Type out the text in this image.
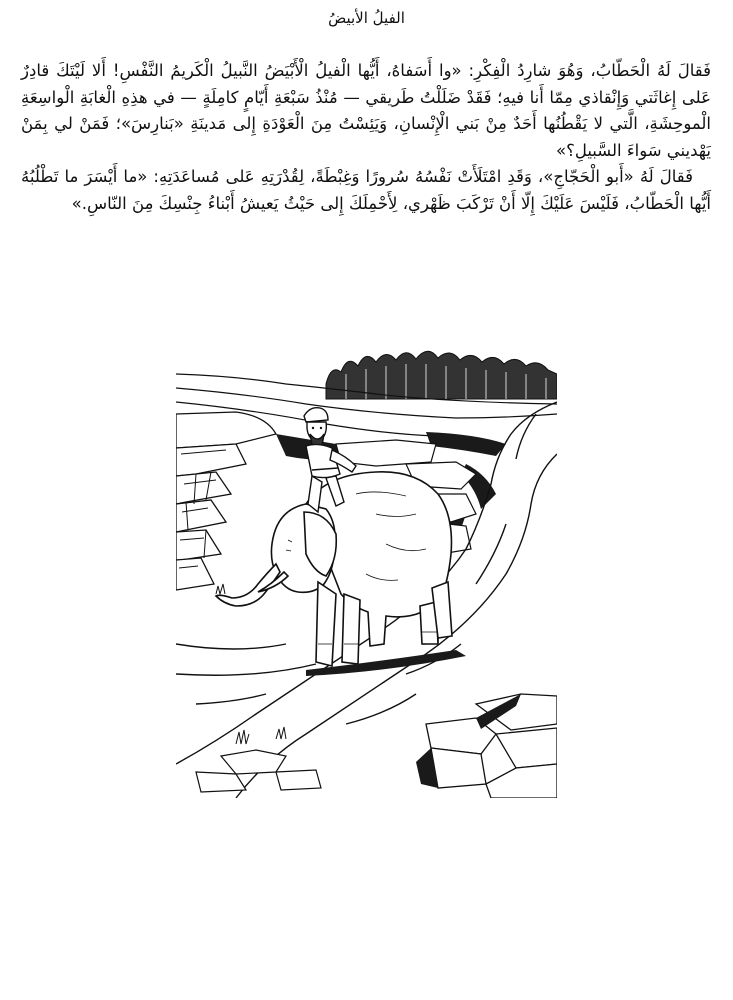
الفيلُ الأبيضُ

فَقالَ لَهُ الْحَطّابُ، وَهُوَ شارِدُ الْفِكْرِ: «وا أَسَفاهُ، أَيُّها الْفيلُ الْأَبْيَضُ النَّبيلُ الْكَريمُ النَّفْسِ! أَلا لَيْتَكَ قادِرٌ عَلى إِغاثَتي وَإِنْقاذي مِمّا أَنا فيهِ؛ فَقَدْ ضَلَلْتُ طَريقي — مُنْذُ سَبْعَةِ أَيّامٍ كامِلَةٍ — في هذِهِ الْغابَةِ الْواسِعَةِ الْموحِشَةِ، الَّتي لا يَقْطُنُها أَحَدٌ مِنْ بَني الْإِنْسانِ، وَيَئِسْتُ مِنَ الْعَوْدَةِ إِلى مَدينَةِ «بَنارِسَ»؛ فَمَنْ لي بِمَنْ يَهْديني سَواءَ السَّبيلِ؟»

فَقالَ لَهُ «أَبو الْحَجّاجِ»، وَقَدِ امْتَلَأَتْ نَفْسُهُ سُرورًا وَغِبْطَةً، لِقُدْرَتِهِ عَلى مُساعَدَتِهِ: «ما أَيْسَرَ ما تَطْلُبُهُ أَيُّها الْحَطّابُ، فَلَيْسَ عَلَيْكَ إِلّا أَنْ تَرْكَبَ ظَهْري، لِأَحْمِلَكَ إِلى حَيْثُ يَعيشُ أَبْناءُ جِنْسِكَ مِنَ النّاسِ.»
